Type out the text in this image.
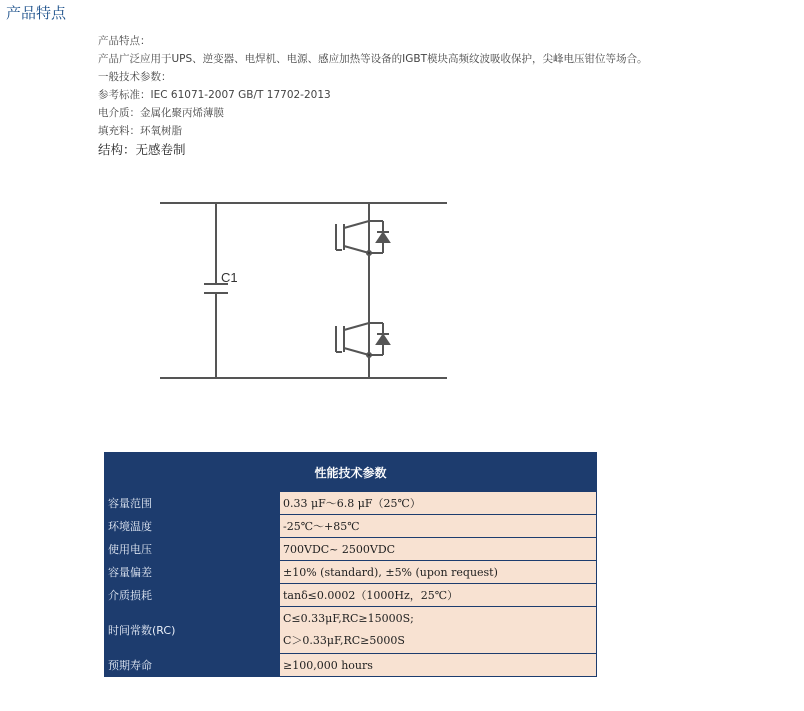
产品特点
产品特点：
产品广泛应用于UPS、逆变器、电焊机、电源、感应加热等设备的IGBT模块高频纹波吸收保护，尖峰电压钳位等场合。
一般技术参数：
参考标准：IEC 61071-2007 GB/T 17702-2013
电介质：金属化聚丙烯薄膜
填充料：环氧树脂
结构：无感卷制
C1
性能技术参数	
容量范围	0.33 μF～6.8 μF（25℃）
环境温度	-25℃～+85℃
使用电压	700VDC~ 2500VDC
容量偏差	±10% (standard), ±5% (upon request)
介质损耗	tanδ≤0.0002（1000Hz，25℃）
时间常数(RC)	C≤0.33μF,RC≥15000S;
C＞0.33μF,RC≥5000S

预期寿命	≥100,000 hours
